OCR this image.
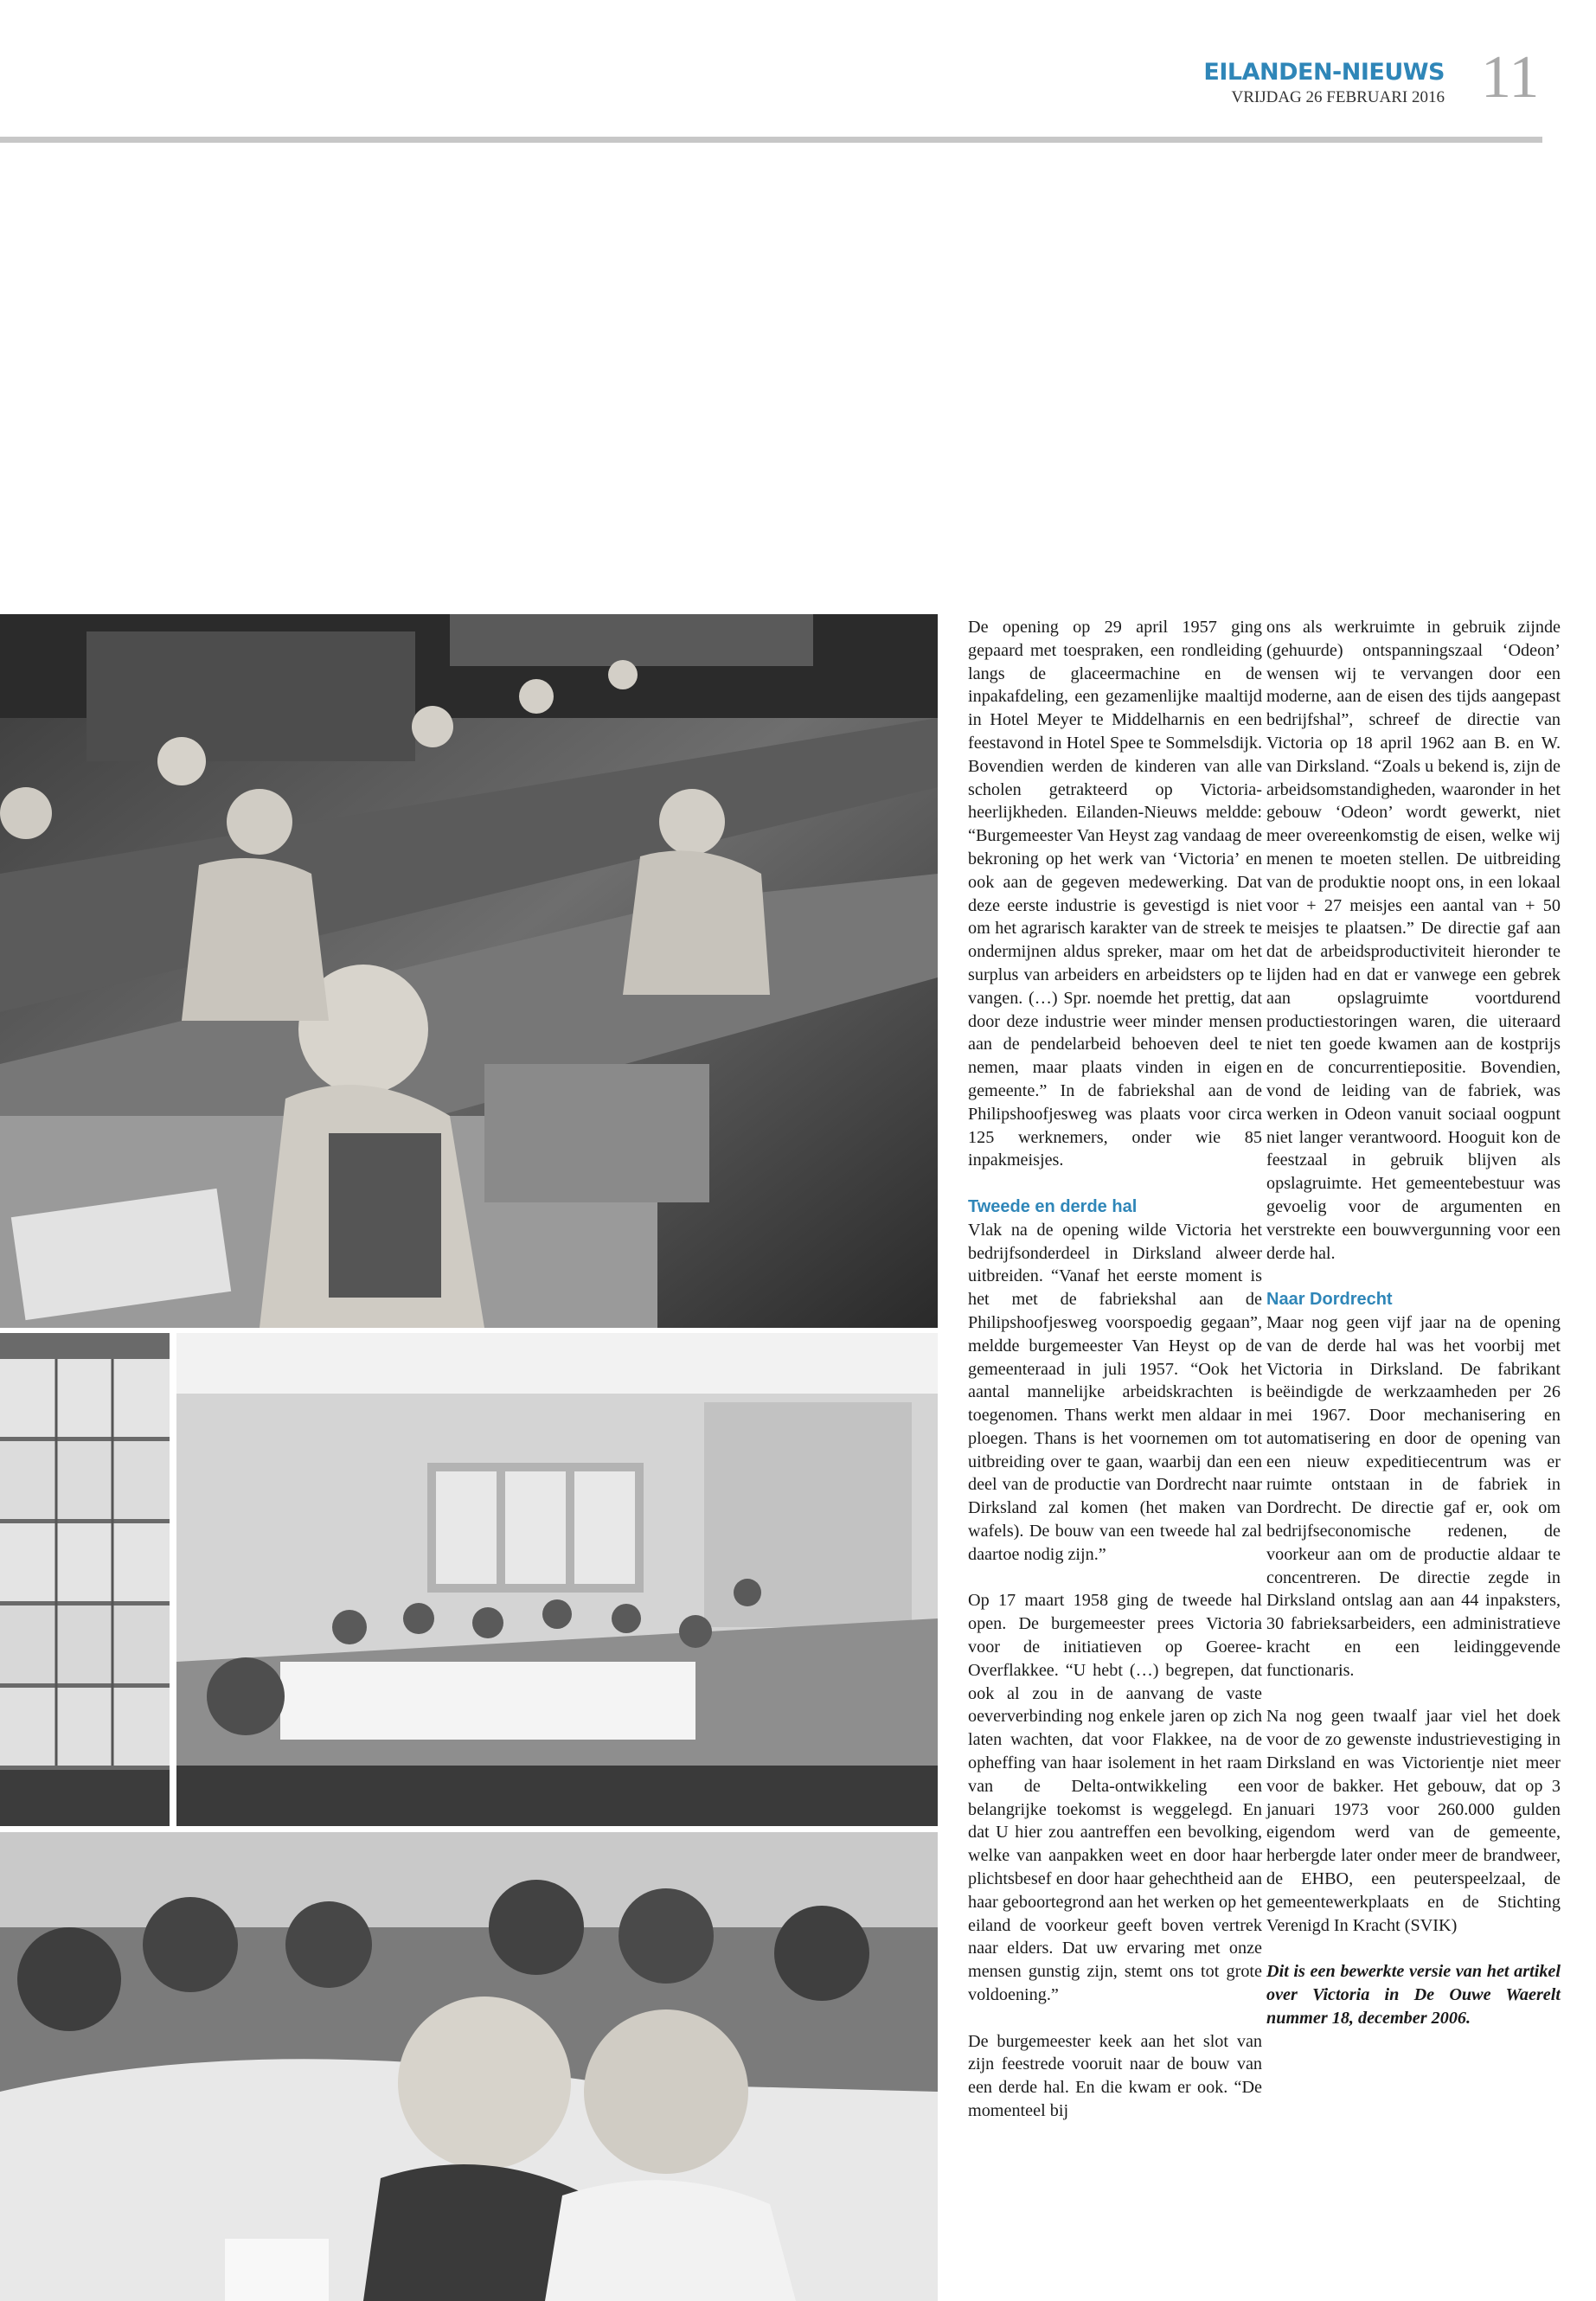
EILANDEN-NIEUWS
VRIJDAG 26 FEBRUARI 2016 11

De opening op 29 april 1957 ging gepaard met toespraken, een rondleiding langs de glaceermachine en de inpakafdeling, een gezamenlijke maaltijd in Hotel Meyer te Middelharnis en een feestavond in Hotel Spee te Sommelsdijk. Bovendien werden de kinderen van alle scholen getrakteerd op Victoria-heerlijkheden. Eilanden-Nieuws meldde: “Burgemeester Van Heyst zag vandaag de bekroning op het werk van ‘Victoria’ en ook aan de gegeven medewerking. Dat deze eerste industrie is gevestigd is niet om het agrarisch karakter van de streek te ondermijnen aldus spreker, maar om het surplus van arbeiders en arbeidsters op te vangen. (…) Spr. noemde het prettig, dat door deze industrie weer minder mensen aan de pendelarbeid behoeven deel te nemen, maar plaats vinden in eigen gemeente.” In de fabriekshal aan de Philipshoofjesweg was plaats voor circa 125 werknemers, onder wie 85 inpakmeisjes.

Tweede en derde hal

Vlak na de opening wilde Victoria het bedrijfsonderdeel in Dirksland alweer uitbreiden. “Vanaf het eerste moment is het met de fabriekshal aan de Philipshoofjesweg voorspoedig gegaan”, meldde burgemeester Van Heyst op de gemeenteraad in juli 1957. “Ook het aantal mannelijke arbeidskrachten is toegenomen. Thans werkt men aldaar in ploegen. Thans is het voornemen om tot uitbreiding over te gaan, waarbij dan een deel van de productie van Dordrecht naar Dirksland zal komen (het maken van wafels). De bouw van een tweede hal zal daartoe nodig zijn.”

Op 17 maart 1958 ging de tweede hal open. De burgemeester prees Victoria voor de initiatieven op Goeree-Overflakkee. “U hebt (…) begrepen, dat ook al zou in de aanvang de vaste oeververbinding nog enkele jaren op zich laten wachten, dat voor Flakkee, na de opheffing van haar isolement in het raam van de Delta-ontwikkeling een belangrijke toekomst is weggelegd. En dat U hier zou aantreffen een bevolking, welke van aanpakken weet en door haar plichtsbesef en door haar gehechtheid aan haar geboortegrond aan het werken op het eiland de voorkeur geeft boven vertrek naar elders. Dat uw ervaring met onze mensen gunstig zijn, stemt ons tot grote voldoening.”

De burgemeester keek aan het slot van zijn feestrede vooruit naar de bouw van een derde hal. En die kwam er ook. “De momenteel bij

ons als werkruimte in gebruik zijnde (gehuurde) ontspanningszaal ‘Odeon’ wensen wij te vervangen door een moderne, aan de eisen des tijds aangepast bedrijfshal”, schreef de directie van Victoria op 18 april 1962 aan B. en W. van Dirksland. “Zoals u bekend is, zijn de arbeidsomstandigheden, waaronder in het gebouw ‘Odeon’ wordt gewerkt, niet meer overeenkomstig de eisen, welke wij menen te moeten stellen. De uitbreiding van de produktie noopt ons, in een lokaal voor + 27 meisjes een aantal van + 50 meisjes te plaatsen.” De directie gaf aan dat de arbeidsproductiviteit hieronder te lijden had en dat er vanwege een gebrek aan opslagruimte voortdurend productiestoringen waren, die uiteraard niet ten goede kwamen aan de kostprijs en de concurrentiepositie. Bovendien, vond de leiding van de fabriek, was werken in Odeon vanuit sociaal oogpunt niet langer verantwoord. Hooguit kon de feestzaal in gebruik blijven als opslagruimte. Het gemeentebestuur was gevoelig voor de argumenten en verstrekte een bouwvergunning voor een derde hal.

Naar Dordrecht

Maar nog geen vijf jaar na de opening van de derde hal was het voorbij met Victoria in Dirksland. De fabrikant beëindigde de werkzaamheden per 26 mei 1967. Door mechanisering en automatisering en door de opening van een nieuw expeditiecentrum was er ruimte ontstaan in de fabriek in Dordrecht. De directie gaf er, ook om bedrijfseconomische redenen, de voorkeur aan om de productie aldaar te concentreren. De directie zegde in Dirksland ontslag aan aan 44 inpaksters, 30 fabrieksarbeiders, een administratieve kracht en een leidinggevende functionaris.

Na nog geen twaalf jaar viel het doek voor de zo gewenste industrievestiging in Dirksland en was Victorientje niet meer voor de bakker. Het gebouw, dat op 3 januari 1973 voor 260.000 gulden eigendom werd van de gemeente, herbergde later onder meer de brandweer, de EHBO, een peuterspeelzaal, de gemeentewerkplaats en de Stichting Verenigd In Kracht (SVIK)

Dit is een bewerkte versie van het artikel over Victoria in De Ouwe Waerelt nummer 18, december 2006.
